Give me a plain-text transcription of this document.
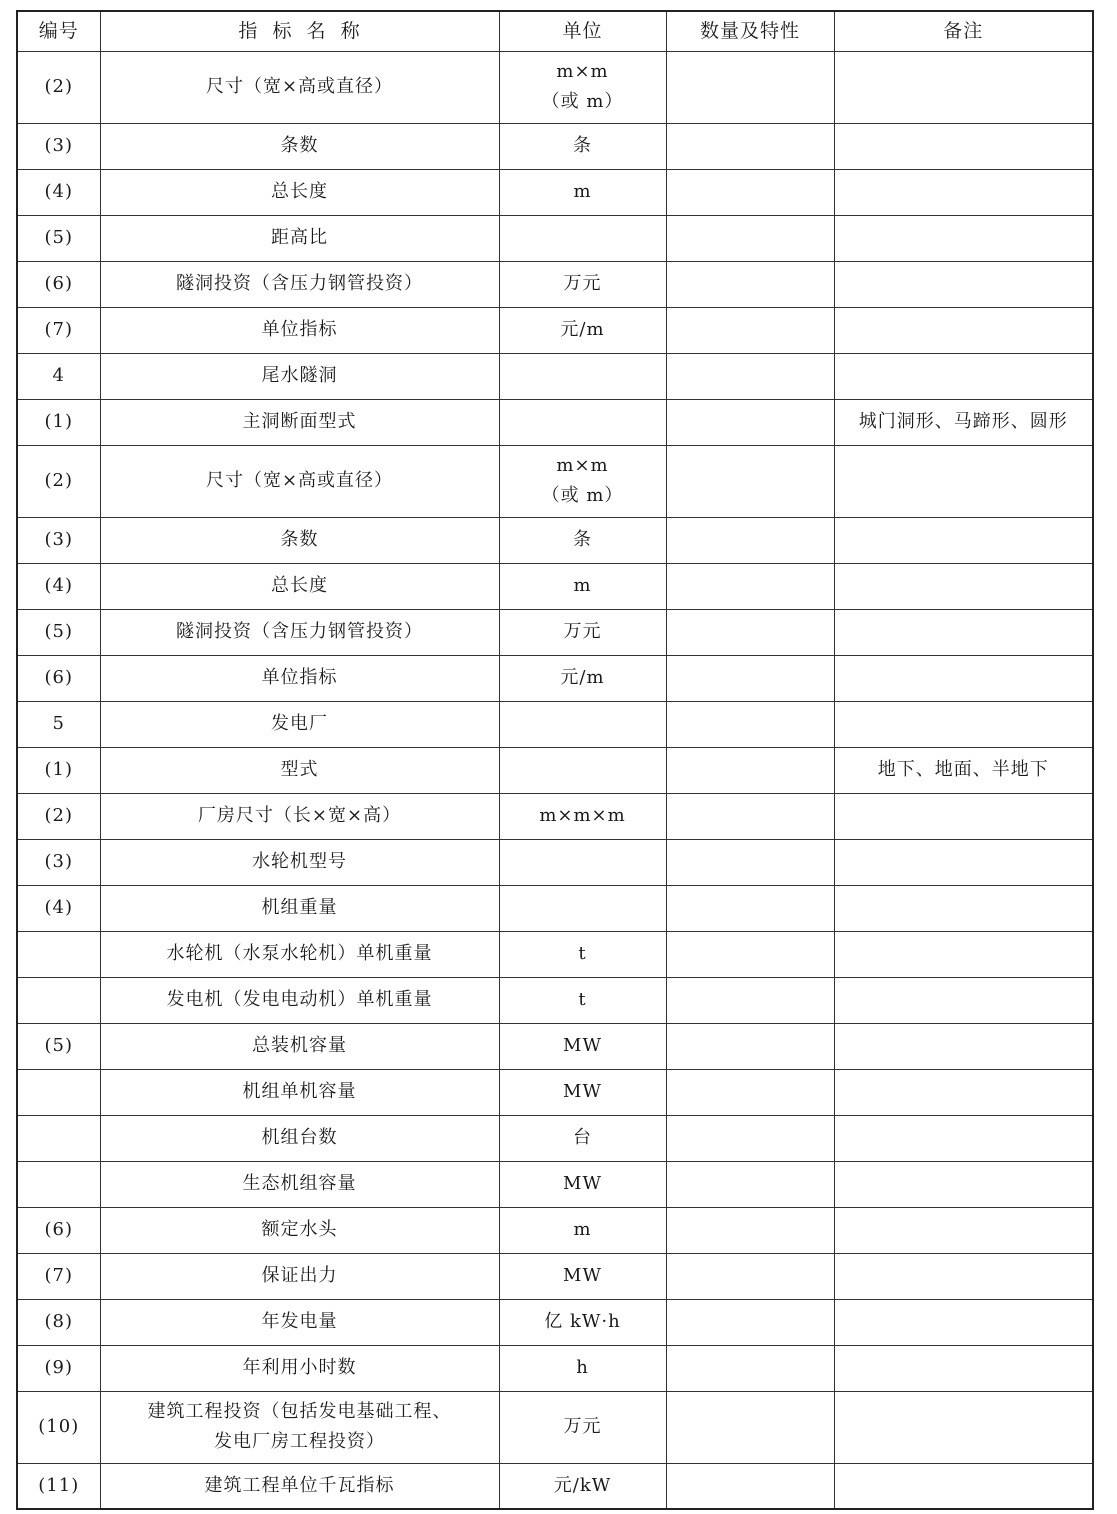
编号	指  标  名  称	单位	数量及特性	备注
(2)	尺寸（宽×高或直径）	m×m
（或 m）		

(3)	条数	条		
(4)	总长度	m		
(5)	距高比			
(6)	隧洞投资（含压力钢管投资）	万元		
(7)	单位指标	元/m		
4	尾水隧洞			
(1)	主洞断面型式			城门洞形、马蹄形、圆形
(2)	尺寸（宽×高或直径）	m×m
（或 m）		

(3)	条数	条		
(4)	总长度	m		
(5)	隧洞投资（含压力钢管投资）	万元		
(6)	单位指标	元/m		
5	发电厂			
(1)	型式			地下、地面、半地下
(2)	厂房尺寸（长×宽×高）	m×m×m		
(3)	水轮机型号			
(4)	机组重量			
	水轮机（水泵水轮机）单机重量	t		
	发电机（发电电动机）单机重量	t		
(5)	总装机容量	MW		
	机组单机容量	MW		
	机组台数	台		
	生态机组容量	MW		
(6)	额定水头	m		
(7)	保证出力	MW		
(8)	年发电量	亿 kW·h		
(9)	年利用小时数	h		
(10)	建筑工程投资（包括发电基础工程、
发电厂房工程投资）	万元		
(11)	建筑工程单位千瓦指标	元/kW		
